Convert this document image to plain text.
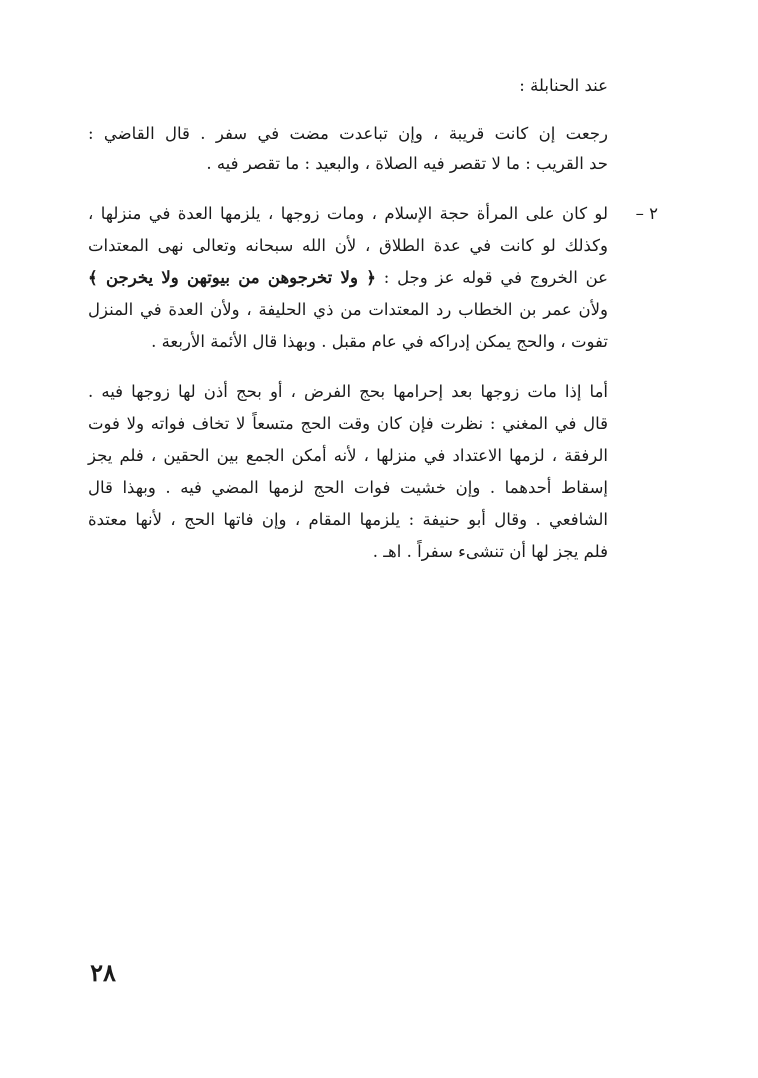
عند الحنابلة :
رجعت إن كانت قريبة ، وإن تباعدت مضت في سفر . قال القاضي :
حد القريب : ما لا تقصر فيه الصلاة ، والبعيد : ما تقصر فيه .
٢ –
لو كان على المرأة حجة الإسلام ، ومات زوجها ، يلزمها العدة في منزلها ،
وكذلك لو كانت في عدة الطلاق ، لأن الله سبحانه وتعالى نهى المعتدات
عن الخروج في قوله عز وجل : ﴿ ولا تخرجوهن من بيوتهن ولا يخرجن ﴾
ولأن عمر بن الخطاب رد المعتدات من ذي الحليفة ، ولأن العدة في المنزل
تفوت ، والحج يمكن إدراكه في عام مقبل . وبهذا قال الأئمة الأربعة .
أما إذا مات زوجها بعد إحرامها بحج الفرض ، أو بحج أذن لها زوجها فيه .
قال في المغني : نظرت فإن كان وقت الحج متسعاً لا تخاف فواته ولا فوت
الرفقة ، لزمها الاعتداد في منزلها ، لأنه أمكن الجمع بين الحقين ، فلم يجز
إسقاط أحدهما . وإن خشيت فوات الحج لزمها المضي فيه . وبهذا قال
الشافعي . وقال أبو حنيفة : يلزمها المقام ، وإن فاتها الحج ، لأنها معتدة
فلم يجز لها أن تنشىء سفراً . اهـ .
٢٨
